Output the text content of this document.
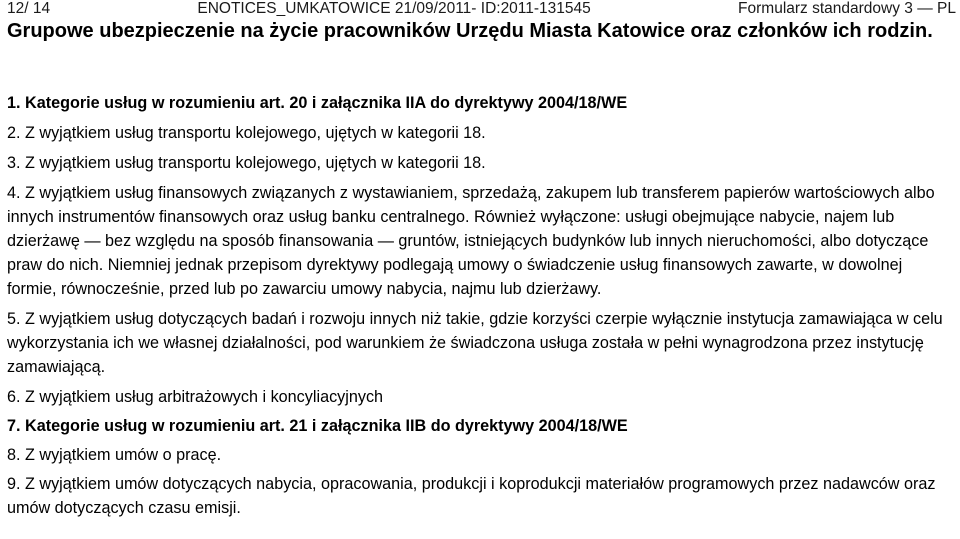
12/ 14	ENOTICES_UMKATOWICE 21/09/2011- ID:2011-131545	Formularz standardowy 3 — PL
Grupowe ubezpieczenie na życie pracowników Urzędu Miasta Katowice oraz członków ich rodzin.

1. Kategorie usług w rozumieniu art. 20 i załącznika IIA do dyrektywy 2004/18/WE

2. Z wyjątkiem usług transportu kolejowego, ujętych w kategorii 18.

3. Z wyjątkiem usług transportu kolejowego, ujętych w kategorii 18.

4. Z wyjątkiem usług finansowych związanych z wystawianiem, sprzedażą, zakupem lub transferem papierów wartościowych albo innych instrumentów finansowych oraz usług banku centralnego. Również wyłączone: usługi obejmujące nabycie, najem lub dzierżawę — bez względu na sposób finansowania — gruntów, istniejących budynków lub innych nieruchomości, albo dotyczące praw do nich. Niemniej jednak przepisom dyrektywy podlegają umowy o świadczenie usług finansowych zawarte, w dowolnej formie, równocześnie, przed lub po zawarciu umowy nabycia, najmu lub dzierżawy.

5. Z wyjątkiem usług dotyczących badań i rozwoju innych niż takie, gdzie korzyści czerpie wyłącznie instytucja zamawiająca w celu wykorzystania ich we własnej działalności, pod warunkiem że świadczona usługa została w pełni wynagrodzona przez instytucję zamawiającą.

6. Z wyjątkiem usług arbitrażowych i koncyliacyjnych

7. Kategorie usług w rozumieniu art. 21 i załącznika IIB do dyrektywy 2004/18/WE

8. Z wyjątkiem umów o pracę.

9. Z wyjątkiem umów dotyczących nabycia, opracowania, produkcji i koprodukcji materiałów programowych przez nadawców oraz umów dotyczących czasu emisji.
